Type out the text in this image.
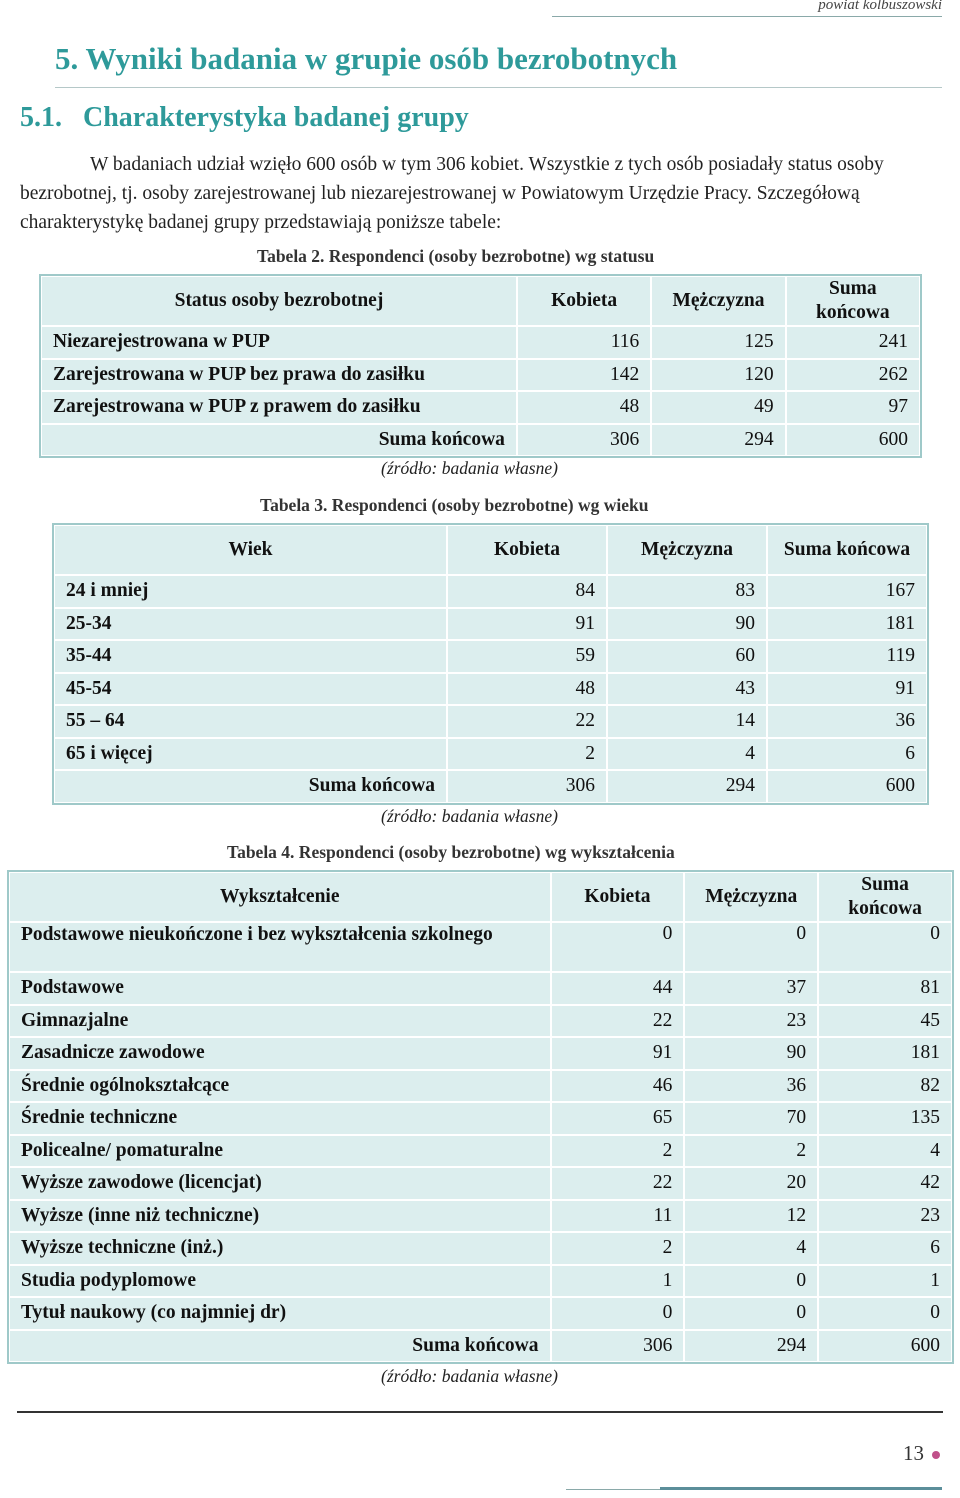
powiat kolbuszowski
5. Wyniki badania w grupie osób bezrobotnych
5.1.   Charakterystyka badanej grupy

W badaniach udział wzięło 600 osób w tym 306 kobiet. Wszystkie z tych osób posiadały status osoby bezrobotnej, tj. osoby zarejestrowanej lub niezarejestrowanej w Powiatowym Urzędzie Pracy. Szczegółową charakterystykę badanej grupy przedstawiają poniższe tabele:

Tabela 2. Respondenci (osoby bezrobotne) wg statusu
Status osoby bezrobotnej	Kobieta	Mężczyzna	Suma końcowa
Niezarejestrowana w PUP	116	125	241
Zarejestrowana w PUP bez prawa do zasiłku	142	120	262
Zarejestrowana w PUP z prawem do zasiłku	48	49	97
Suma końcowa	306	294	600
(źródło: badania własne)
Tabela 3. Respondenci (osoby bezrobotne) wg wieku
Wiek	Kobieta	Mężczyzna	Suma końcowa
24 i mniej	84	83	167
25-34	91	90	181
35-44	59	60	119
45-54	48	43	91
55 – 64	22	14	36
65 i więcej	2	4	6
Suma końcowa	306	294	600
(źródło: badania własne)
Tabela 4. Respondenci (osoby bezrobotne) wg wykształcenia
Wykształcenie	Kobieta	Mężczyzna	Suma końcowa
Podstawowe nieukończone i bez wykształcenia szkolnego	0	0	0
Podstawowe	44	37	81
Gimnazjalne	22	23	45
Zasadnicze zawodowe	91	90	181
Średnie ogólnokształcące	46	36	82
Średnie techniczne	65	70	135
Policealne/ pomaturalne	2	2	4
Wyższe zawodowe (licencjat)	22	20	42
Wyższe (inne niż techniczne)	11	12	23
Wyższe techniczne (inż.)	2	4	6
Studia podyplomowe	1	0	1
Tytuł naukowy (co najmniej dr)	0	0	0
Suma końcowa	306	294	600
(źródło: badania własne)
13
